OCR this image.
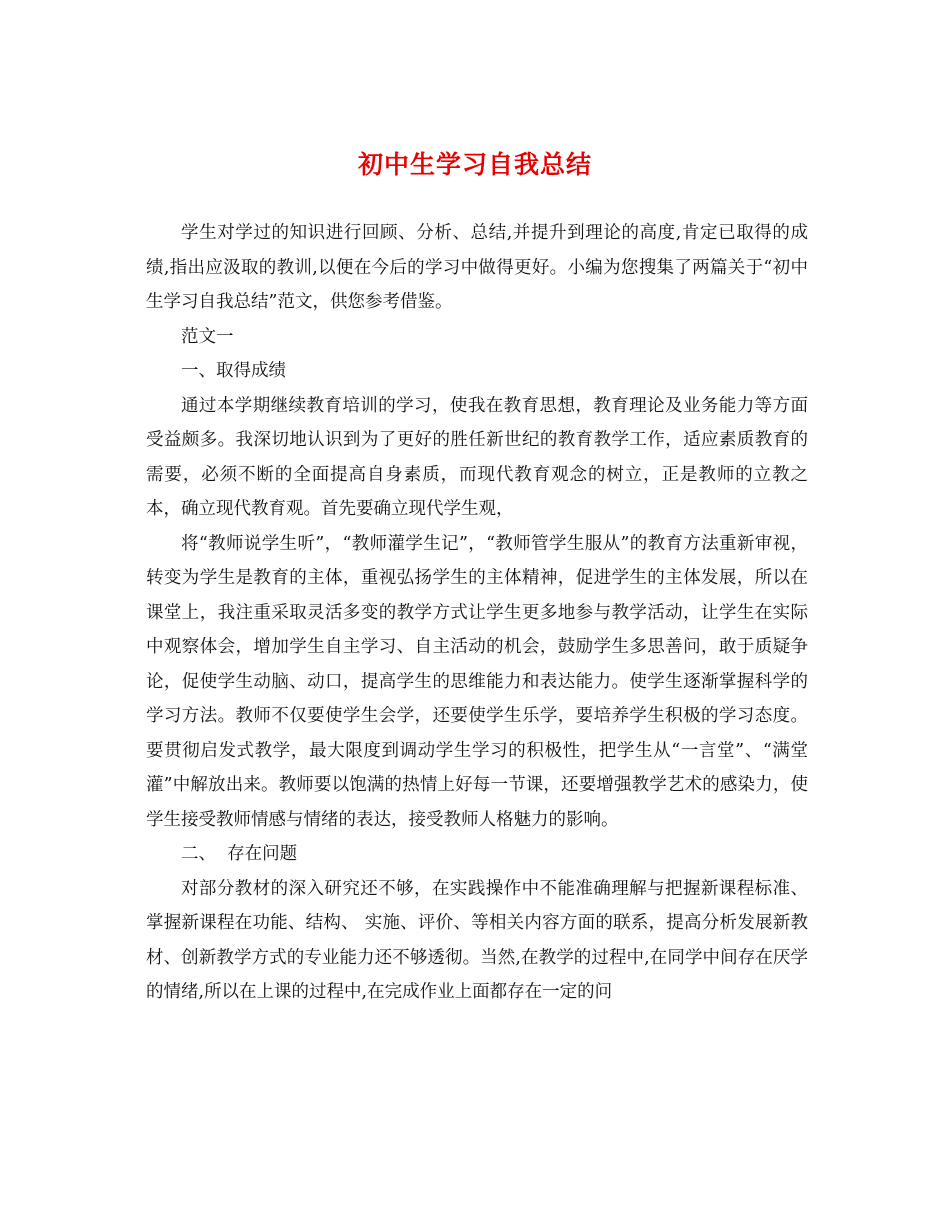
初中生学习自我总结

学生对学过的知识进行回顾、分析、总结,并提升到理论的高度,肯定已取得的成绩,指出应汲取的教训,以便在今后的学习中做得更好。小编为您搜集了两篇关于“初中生学习自我总结”范文，供您参考借鉴。

范文一

一、取得成绩

通过本学期继续教育培训的学习，使我在教育思想，教育理论及业务能力等方面受益颇多。我深切地认识到为了更好的胜任新世纪的教育教学工作，适应素质教育的需要，必须不断的全面提高自身素质，而现代教育观念的树立，正是教师的立教之本，确立现代教育观。首先要确立现代学生观，

将“教师说学生听”，“教师灌学生记”，“教师管学生服从”的教育方法重新审视，转变为学生是教育的主体，重视弘扬学生的主体精神，促进学生的主体发展，所以在课堂上，我注重采取灵活多变的教学方式让学生更多地参与教学活动，让学生在实际中观察体会，增加学生自主学习、自主活动的机会，鼓励学生多思善问，敢于质疑争论，促使学生动脑、动口，提高学生的思维能力和表达能力。使学生逐渐掌握科学的学习方法。教师不仅要使学生会学，还要使学生乐学，要培养学生积极的学习态度。要贯彻启发式教学，最大限度到调动学生学习的积极性，把学生从“一言堂”、“满堂灌”中解放出来。教师要以饱满的热情上好每一节课，还要增强教学艺术的感染力，使学生接受教师情感与情绪的表达，接受教师人格魅力的影响。

二、  存在问题

对部分教材的深入研究还不够，在实践操作中不能准确理解与把握新课程标准、掌握新课程在功能、结构、 实施、评价、等相关内容方面的联系，提高分析发展新教材、创新教学方式的专业能力还不够透彻。当然,在教学的过程中,在同学中间存在厌学的情绪,所以在上课的过程中,在完成作业上面都存在一定的问
